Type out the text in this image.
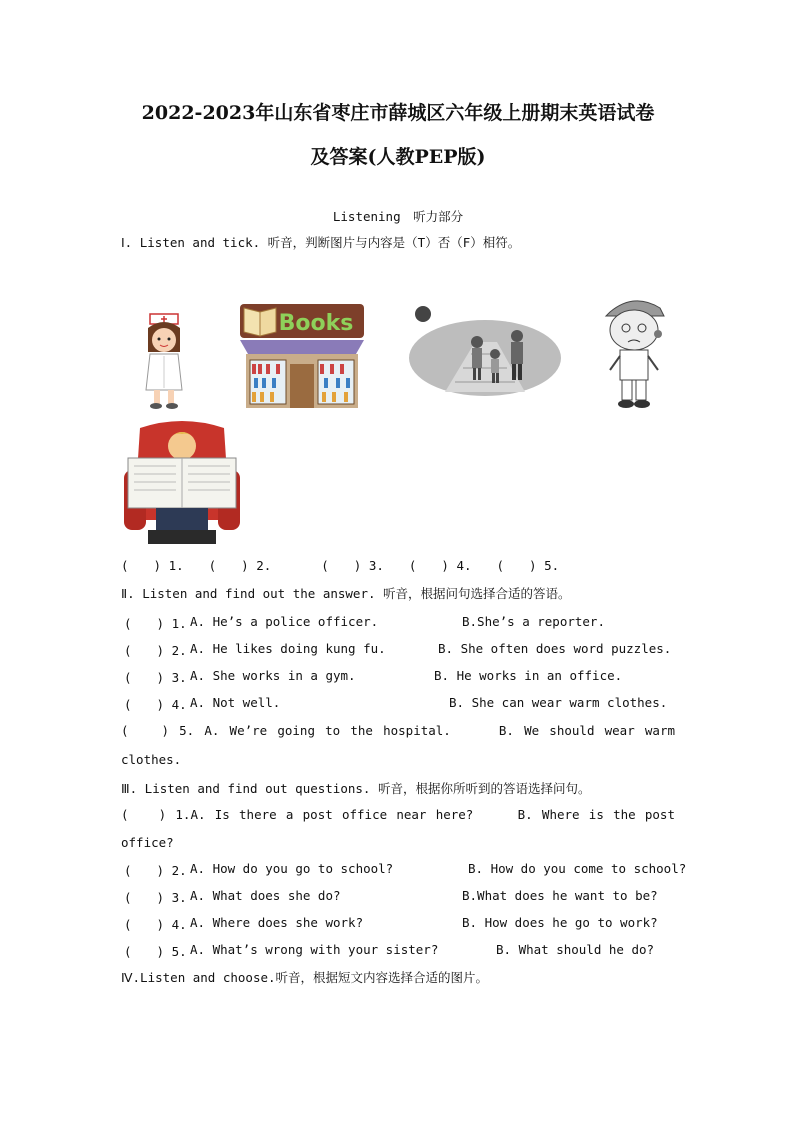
2022-2023年山东省枣庄市薛城区六年级上册期末英语试卷
及答案(人教PEP版)
Listening　听力部分
Ⅰ. Listen and tick. 听音，判断图片与内容是（T）否（F）相符。
Books
(　　) 1.　　(　　) 2.　　　　(　　) 3.　　(　　) 4.　　(　　) 5.
Ⅱ. Listen and find out the answer. 听音，根据问句选择合适的答语。
(　　) 1. A. He’s a police officer.	B.She’s a reporter.
(　　) 2. A. He likes doing kung fu.	B. She often does word puzzles.
(　　) 3. A. She works in a gym.	B. He works in an office.
(　　) 4. A. Not well.	B. She can wear warm clothes.
(　　) 5. A. We’re going to the hospital.　　　B. We should wear warm
clothes.
Ⅲ. Listen and find out questions. 听音，根据你所听到的答语选择问句。
(　　) 1.A. Is there a post office near here?　　　B. Where is the post
office?
(　　) 2. A. How do you go to school?	B. How do you come to school?
(　　) 3. A. What does she do?	B.What does he want to be?
(　　) 4. A. Where does she work?	B. How does he go to work?
(　　) 5. A. What’s wrong with your sister?	B. What should he do?
Ⅳ.Listen and choose.听音，根据短文内容选择合适的图片。
